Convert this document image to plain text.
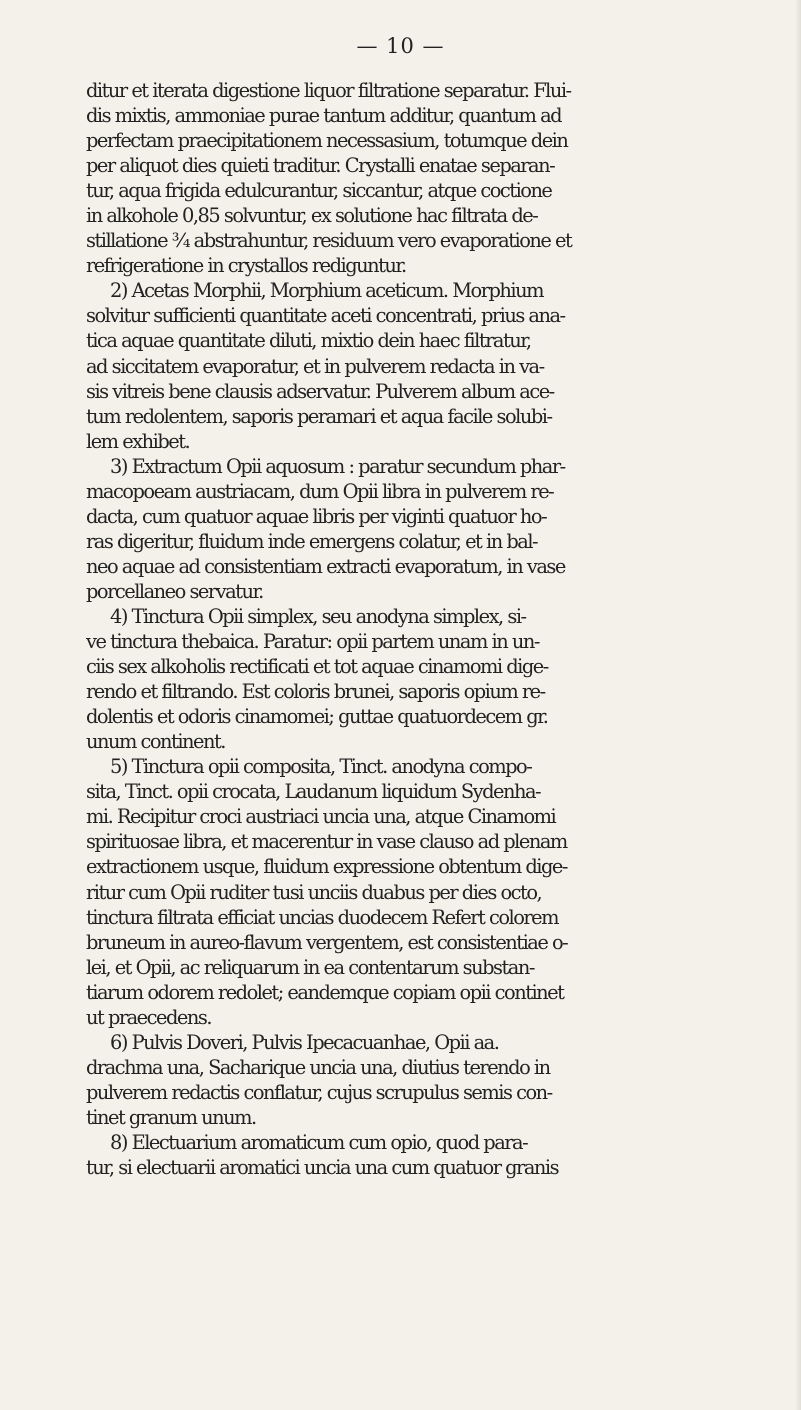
— 10 —
ditur et iterata digestione liquor filtratione separatur. Flui-
dis mixtis, ammoniae purae tantum additur, quantum ad
perfectam praecipitationem necessasium, totumque dein
per aliquot dies quieti traditur. Crystalli enatae separan-
tur, aqua frigida edulcurantur, siccantur, atque coctione
in alkohole 0,85 solvuntur, ex solutione hac filtrata de-
stillatione ¾ abstrahuntur, residuum vero evaporatione et
refrigeratione in crystallos rediguntur.
2) Acetas Morphii, Morphium aceticum. Morphium
solvitur sufficienti quantitate aceti concentrati, prius ana-
tica aquae quantitate diluti, mixtio dein haec filtratur,
ad siccitatem evaporatur, et in pulverem redacta in va-
sis vitreis bene clausis adservatur. Pulverem album ace-
tum redolentem, saporis peramari et aqua facile solubi-
lem exhibet.
3) Extractum Opii aquosum : paratur secundum phar-
macopoeam austriacam, dum Opii libra in pulverem re-
dacta, cum quatuor aquae libris per viginti quatuor ho-
ras digeritur, fluidum inde emergens colatur, et in bal-
neo aquae ad consistentiam extracti evaporatum, in vase
porcellaneo servatur.
4) Tinctura Opii simplex, seu anodyna simplex, si-
ve tinctura thebaica. Paratur: opii partem unam in un-
ciis sex alkoholis rectificati et tot aquae cinamomi dige-
rendo et filtrando. Est coloris brunei, saporis opium re-
dolentis et odoris cinamomei; guttae quatuordecem gr.
unum continent.
5) Tinctura opii composita, Tinct. anodyna compo-
sita, Tinct. opii crocata, Laudanum liquidum Sydenha-
mi. Recipitur croci austriaci uncia una, atque Cinamomi
spirituosae libra, et macerentur in vase clauso ad plenam
extractionem usque, fluidum expressione obtentum dige-
ritur cum Opii ruditer tusi unciis duabus per dies octo,
tinctura filtrata efficiat uncias duodecem Refert colorem
bruneum in aureo-flavum vergentem, est consistentiae o-
lei, et Opii, ac reliquarum in ea contentarum substan-
tiarum odorem redolet; eandemque copiam opii continet
ut praecedens.
6) Pulvis Doveri, Pulvis Ipecacuanhae, Opii aa.
drachma una, Sacharique uncia una, diutius terendo in
pulverem redactis conflatur, cujus scrupulus semis con-
tinet granum unum.
8) Electuarium aromaticum cum opio, quod para-
tur, si electuarii aromatici uncia una cum quatuor granis
